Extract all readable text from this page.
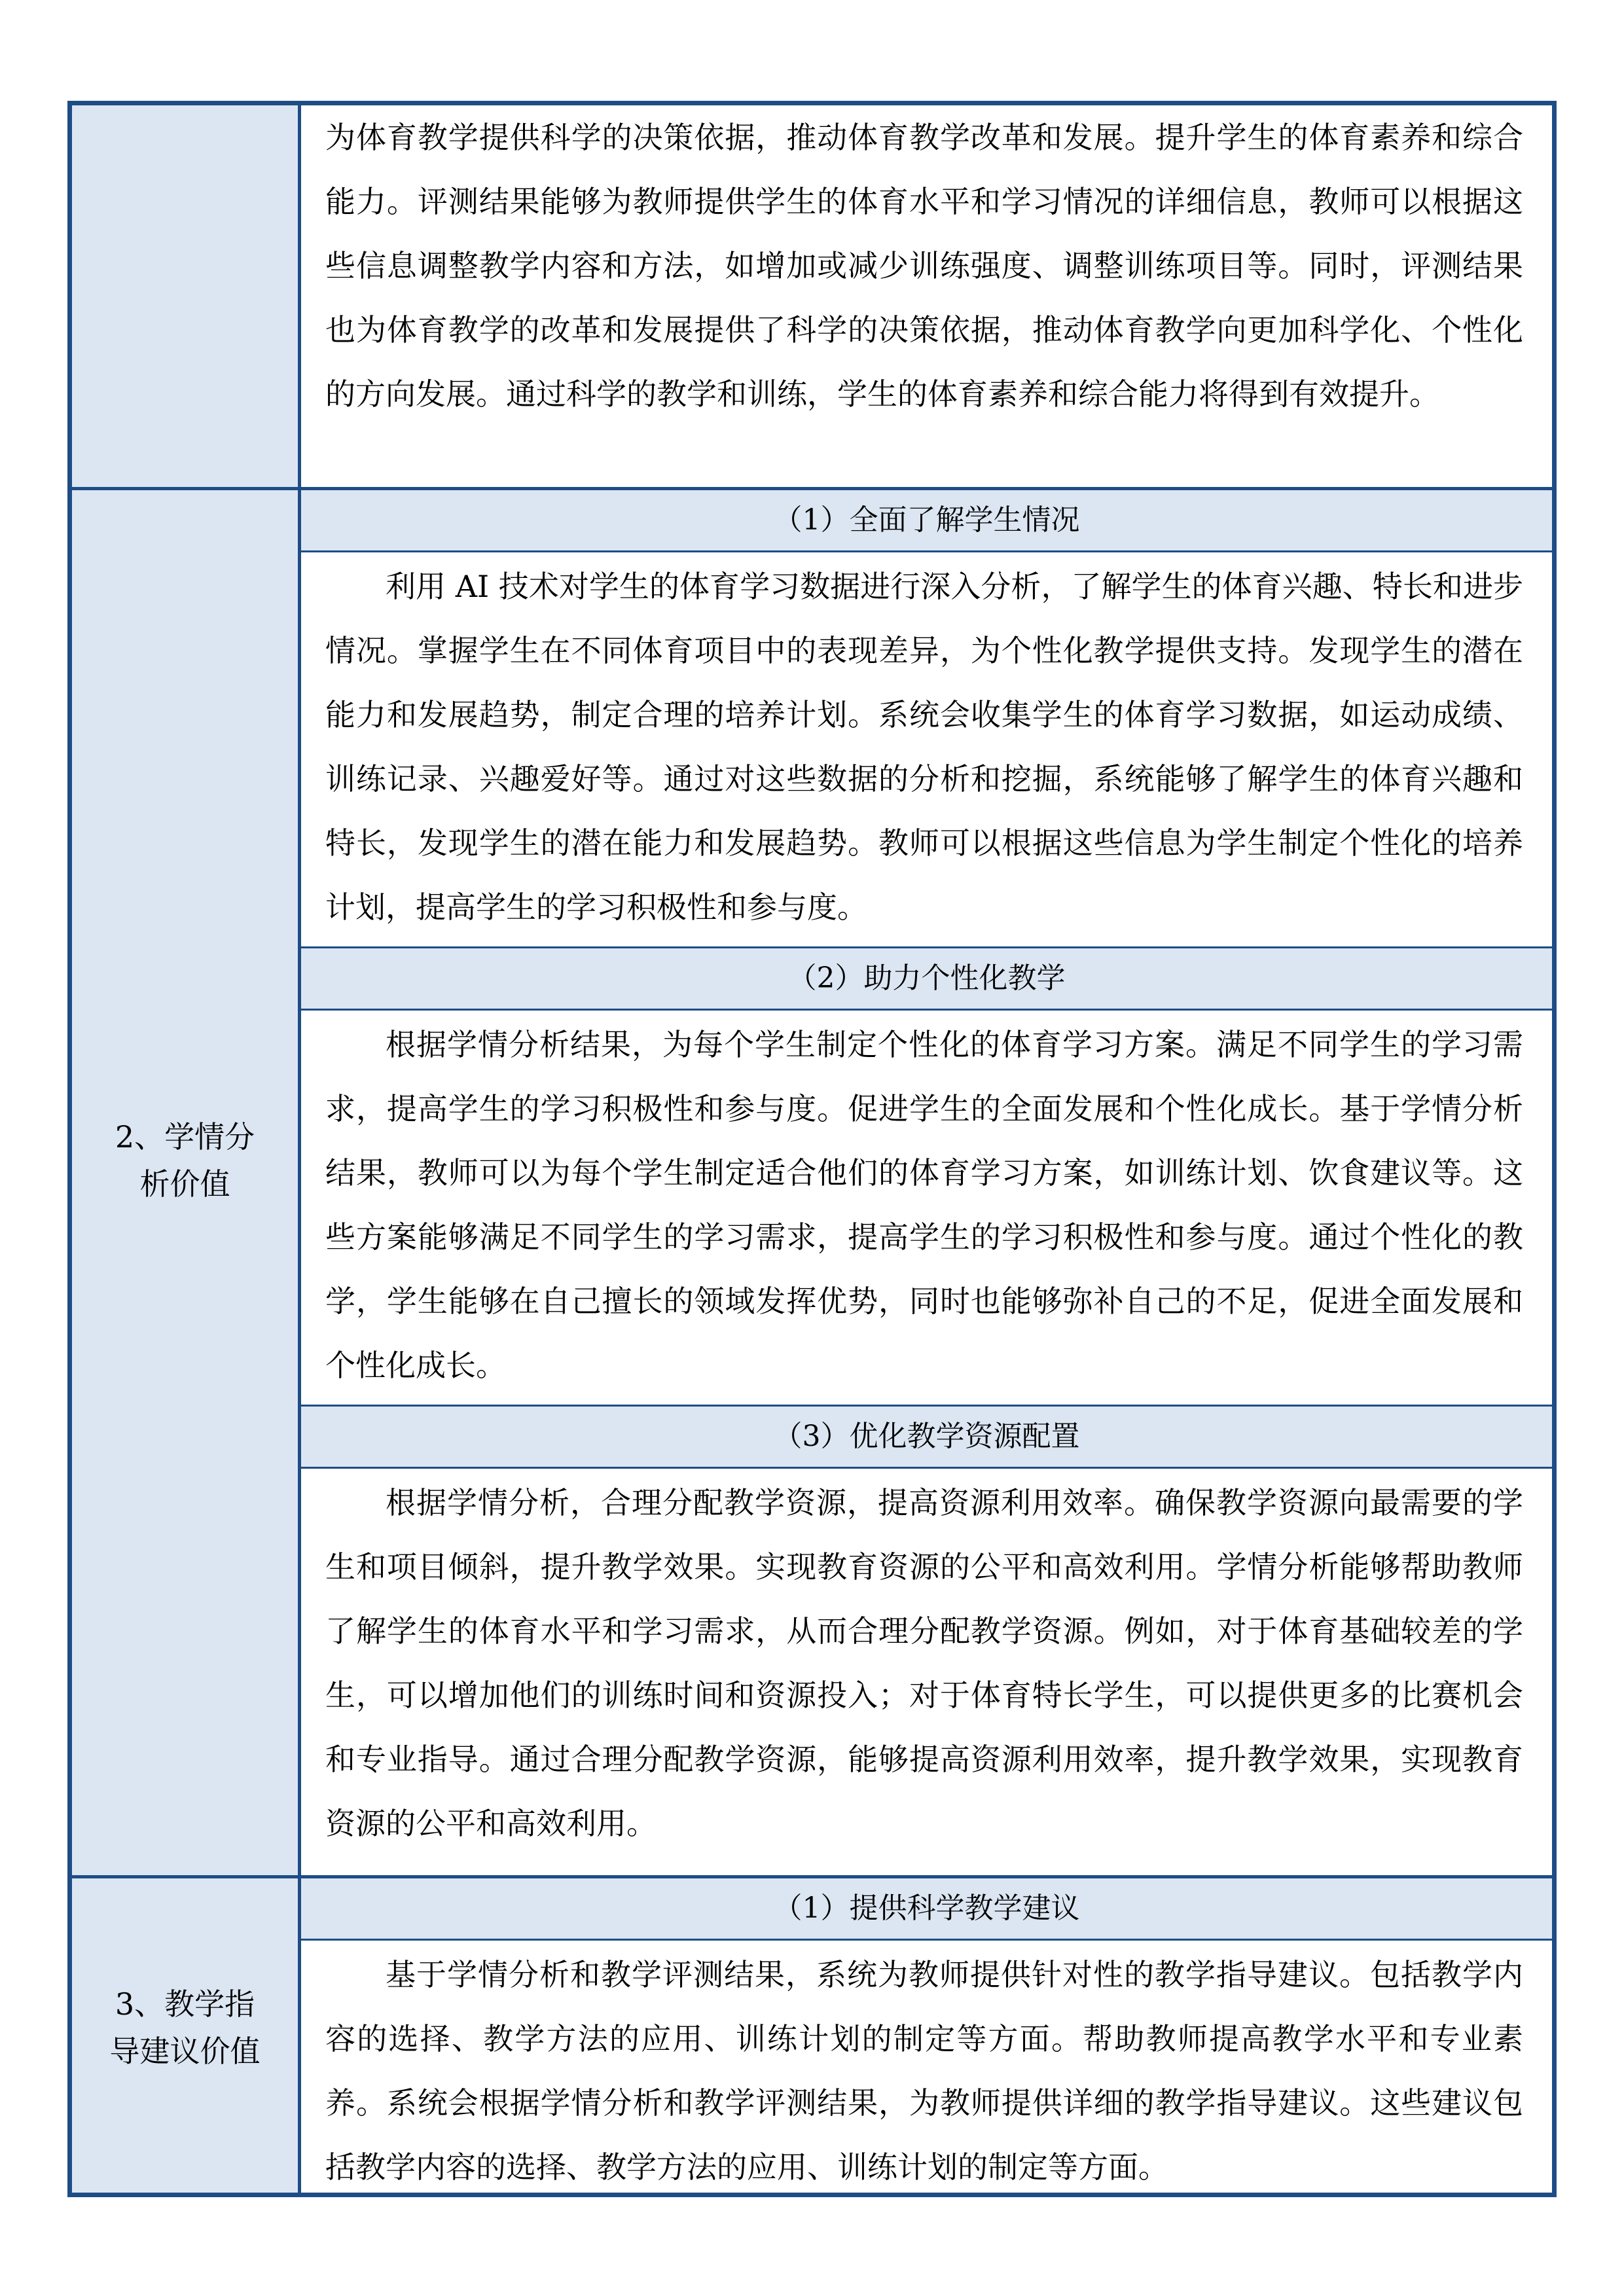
（1）全面了解学生情况
（2）助力个性化教学
（3）优化教学资源配置
（1）提供科学教学建议
2、学情分
析价值
3、教学指
导建议价值

为体育教学提供科学的决策依据，推动体育教学改革和发展。提升学生的体育素养和综合能力。评测结果能够为教师提供学生的体育水平和学习情况的详细信息，教师可以根据这些信息调整教学内容和方法，如增加或减少训练强度、调整训练项目等。同时，评测结果也为体育教学的改革和发展提供了科学的决策依据，推动体育教学向更加科学化、个性化的方向发展。通过科学的教学和训练，学生的体育素养和综合能力将得到有效提升。

利用 AI 技术对学生的体育学习数据进行深入分析，了解学生的体育兴趣、特长和进步情况。掌握学生在不同体育项目中的表现差异，为个性化教学提供支持。发现学生的潜在能力和发展趋势，制定合理的培养计划。系统会收集学生的体育学习数据，如运动成绩、训练记录、兴趣爱好等。通过对这些数据的分析和挖掘，系统能够了解学生的体育兴趣和特长，发现学生的潜在能力和发展趋势。教师可以根据这些信息为学生制定个性化的培养计划，提高学生的学习积极性和参与度。

根据学情分析结果，为每个学生制定个性化的体育学习方案。满足不同学生的学习需求，提高学生的学习积极性和参与度。促进学生的全面发展和个性化成长。基于学情分析结果，教师可以为每个学生制定适合他们的体育学习方案，如训练计划、饮食建议等。这些方案能够满足不同学生的学习需求，提高学生的学习积极性和参与度。通过个性化的教学，学生能够在自己擅长的领域发挥优势，同时也能够弥补自己的不足，促进全面发展和个性化成长。

根据学情分析，合理分配教学资源，提高资源利用效率。确保教学资源向最需要的学生和项目倾斜，提升教学效果。实现教育资源的公平和高效利用。学情分析能够帮助教师了解学生的体育水平和学习需求，从而合理分配教学资源。例如，对于体育基础较差的学生，可以增加他们的训练时间和资源投入；对于体育特长学生，可以提供更多的比赛机会和专业指导。通过合理分配教学资源，能够提高资源利用效率，提升教学效果，实现教育资源的公平和高效利用。

基于学情分析和教学评测结果，系统为教师提供针对性的教学指导建议。包括教学内容的选择、教学方法的应用、训练计划的制定等方面。帮助教师提高教学水平和专业素养。系统会根据学情分析和教学评测结果，为教师提供详细的教学指导建议。这些建议包括教学内容的选择、教学方法的应用、训练计划的制定等方面。
